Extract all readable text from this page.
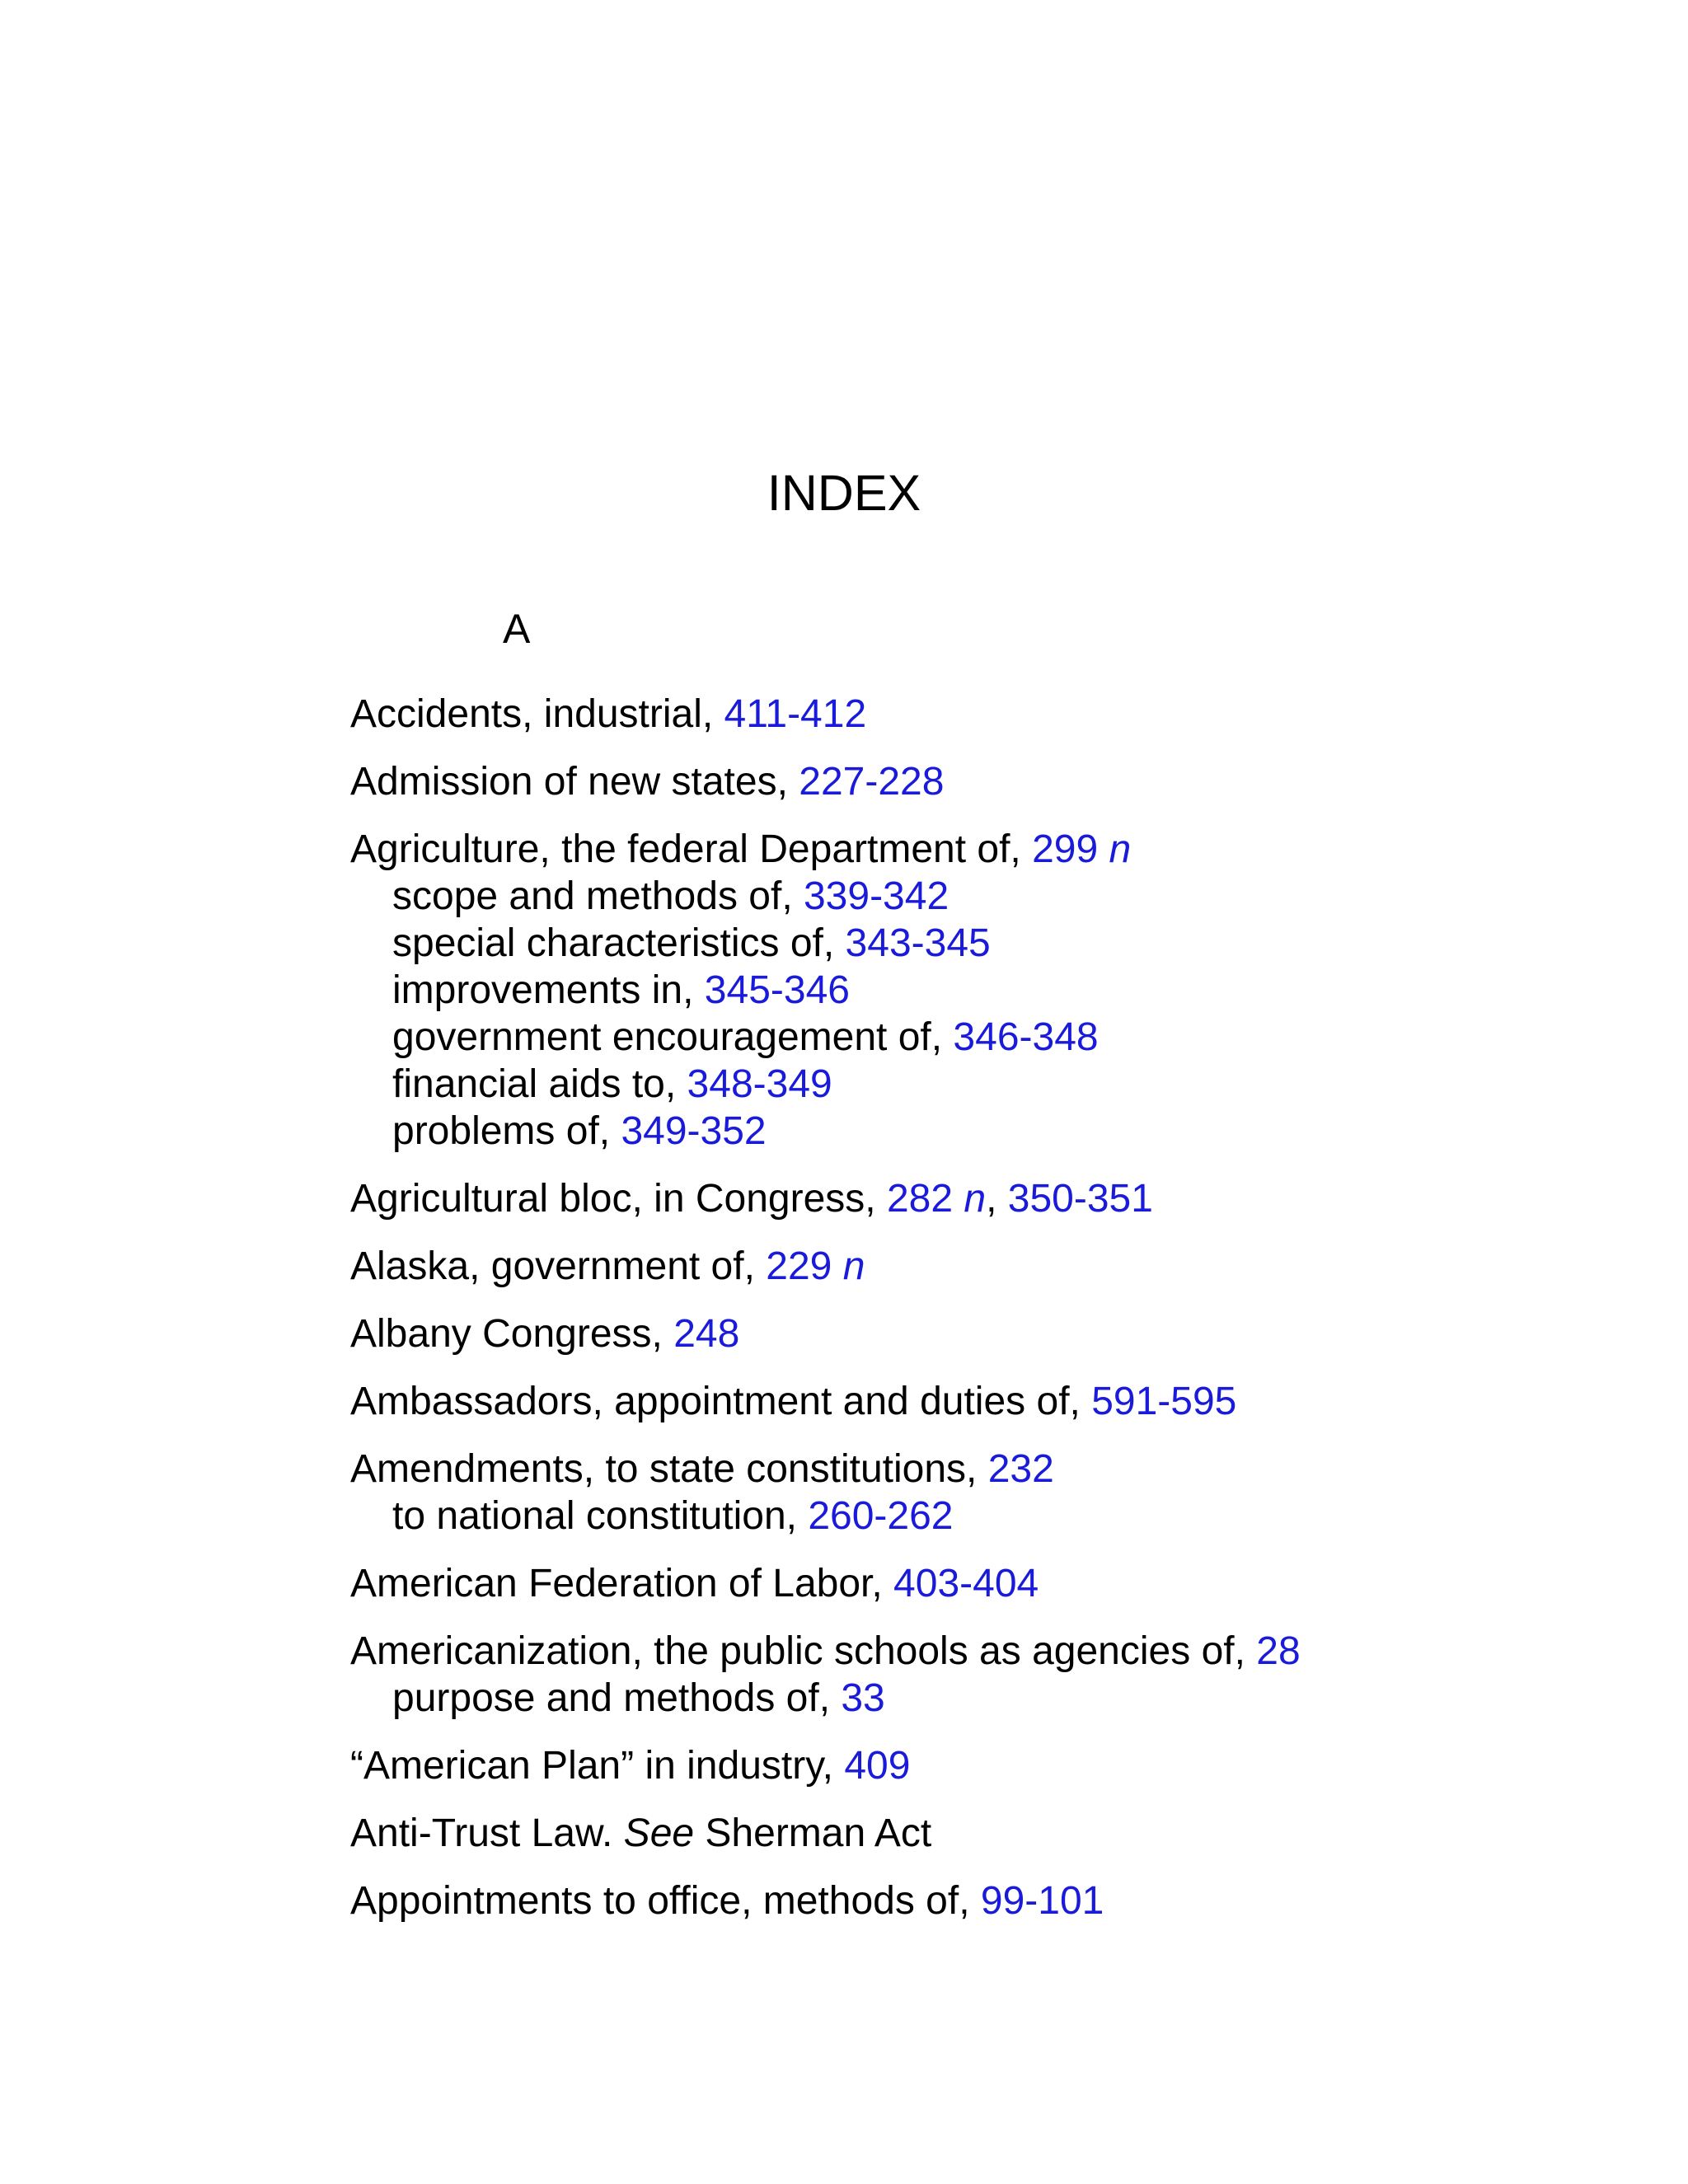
INDEX
A
Accidents, industrial, 411-412
Admission of new states, 227-228
Agriculture, the federal Department of, 299 n
scope and methods of, 339-342
special characteristics of, 343-345
improvements in, 345-346
government encouragement of, 346-348
financial aids to, 348-349
problems of, 349-352
Agricultural bloc, in Congress, 282 n, 350-351
Alaska, government of, 229 n
Albany Congress, 248
Ambassadors, appointment and duties of, 591-595
Amendments, to state constitutions, 232
to national constitution, 260-262
American Federation of Labor, 403-404
Americanization, the public schools as agencies of, 28
purpose and methods of, 33
“American Plan” in industry, 409
Anti-Trust Law. See Sherman Act
Appointments to office, methods of, 99-101
